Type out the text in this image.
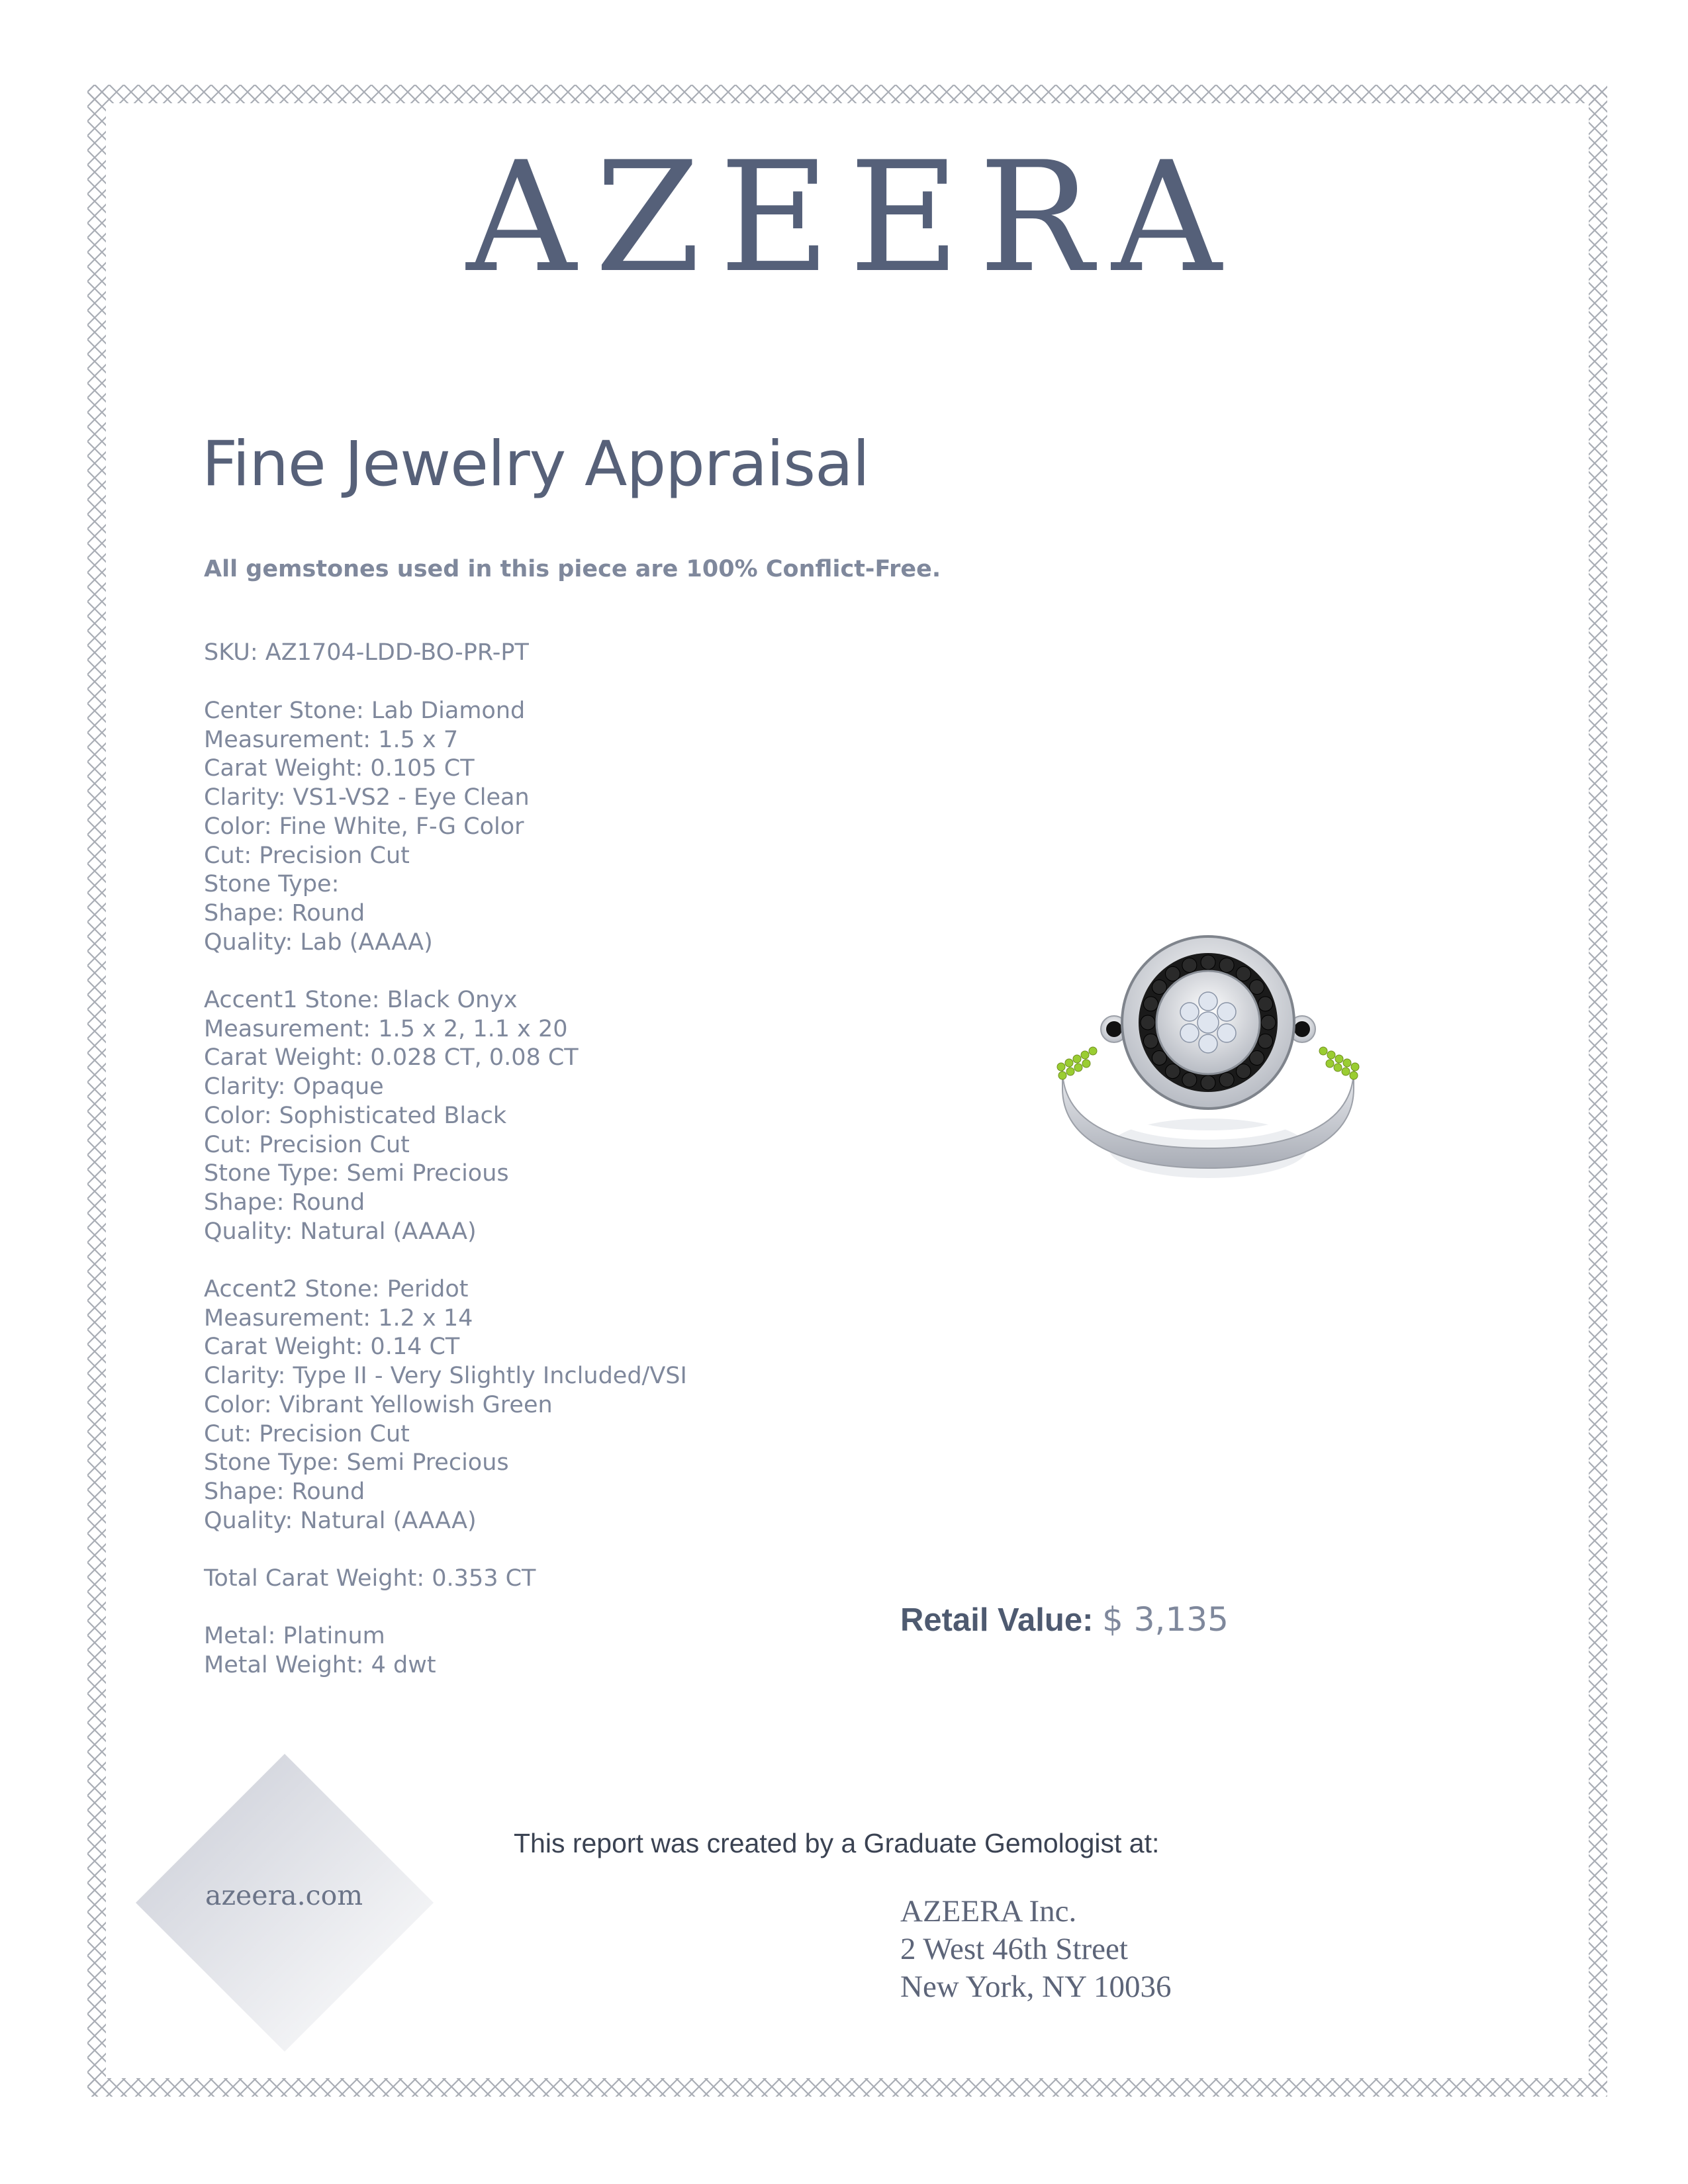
AZEERA
Fine Jewelry Appraisal
All gemstones used in this piece are 100% Conflict-Free.
SKU: AZ1704-LDD-BO-PR-PT
Center Stone: Lab Diamond
Measurement: 1.5 x 7
Carat Weight: 0.105 CT
Clarity: VS1-VS2 - Eye Clean
Color: Fine White, F-G Color
Cut: Precision Cut
Stone Type:
Shape: Round
Quality: Lab (AAAA)
Accent1 Stone: Black Onyx
Measurement: 1.5 x 2, 1.1 x 20
Carat Weight: 0.028 CT, 0.08 CT
Clarity: Opaque
Color: Sophisticated Black
Cut: Precision Cut
Stone Type: Semi Precious
Shape: Round
Quality: Natural (AAAA)
Accent2 Stone: Peridot
Measurement: 1.2 x 14
Carat Weight: 0.14 CT
Clarity: Type II - Very Slightly Included/VSI
Color: Vibrant Yellowish Green
Cut: Precision Cut
Stone Type: Semi Precious
Shape: Round
Quality: Natural (AAAA)
Total Carat Weight: 0.353 CT
Metal: Platinum
Metal Weight: 4 dwt
Retail Value: $ 3,135
azeera.com
This report was created by a Graduate Gemologist at:
AZEERA Inc.
2 West 46th Street
New York, NY 10036
